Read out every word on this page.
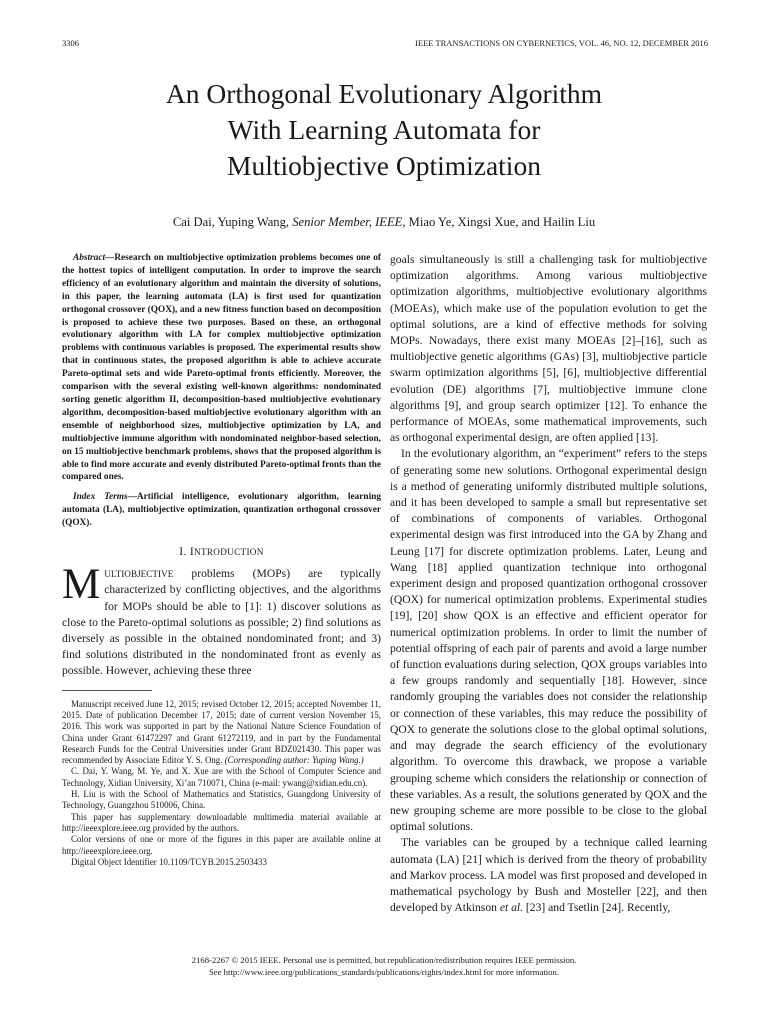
3306	IEEE TRANSACTIONS ON CYBERNETICS, VOL. 46, NO. 12, DECEMBER 2016
An Orthogonal Evolutionary Algorithm
With Learning Automata for
Multiobjective Optimization
Cai Dai, Yuping Wang, Senior Member, IEEE, Miao Ye, Xingsi Xue, and Hailin Liu

Abstract—Research on multiobjective optimization problems becomes one of the hottest topics of intelligent computation. In order to improve the search efficiency of an evolutionary algorithm and maintain the diversity of solutions, in this paper, the learning automata (LA) is first used for quantization orthogonal crossover (QOX), and a new fitness function based on decomposition is proposed to achieve these two purposes. Based on these, an orthogonal evolutionary algorithm with LA for complex multiobjective optimization problems with continuous variables is proposed. The experimental results show that in continuous states, the proposed algorithm is able to achieve accurate Pareto-optimal sets and wide Pareto-optimal fronts efficiently. Moreover, the comparison with the several existing well-known algorithms: nondominated sorting genetic algorithm II, decomposition-based multiobjective evolutionary algorithm, decomposition-based multiobjective evolutionary algorithm with an ensemble of neighborhood sizes, multiobjective optimization by LA, and multiobjective immune algorithm with nondominated neighbor-based selection, on 15 multiobjective benchmark problems, shows that the proposed algorithm is able to find more accurate and evenly distributed Pareto-optimal fronts than the compared ones.

Index Terms—Artificial intelligence, evolutionary algorithm, learning automata (LA), multiobjective optimization, quantization orthogonal crossover (QOX).

I. INTRODUCTION

MULTIOBJECTIVE problems (MOPs) are typically characterized by conflicting objectives, and the algorithms for MOPs should be able to [1]: 1) discover solutions as close to the Pareto-optimal solutions as possible; 2) find solutions as diversely as possible in the obtained nondominated front; and 3) find solutions distributed in the nondominated front as evenly as possible. However, achieving these three

Manuscript received June 12, 2015; revised October 12, 2015; accepted November 11, 2015. Date of publication December 17, 2015; date of current version November 15, 2016. This work was supported in part by the National Nature Science Foundation of China under Grant 61472297 and Grant 61272119, and in part by the Fundamental Research Funds for the Central Universities under Grant BDZ021430. This paper was recommended by Associate Editor Y. S. Ong. (Corresponding author: Yuping Wang.)

C. Dai, Y. Wang, M. Ye, and X. Xue are with the School of Computer Science and Technology, Xidian University, Xi’an 710071, China (e-mail: ywang@xidian.edu.cn).

H. Liu is with the School of Mathematics and Statistics, Guangdong University of Technology, Guangzhou 510006, China.

This paper has supplementary downloadable multimedia material available at http://ieeexplore.ieee.org provided by the authors.

Color versions of one or more of the figures in this paper are available online at http://ieeexplore.ieee.org.

Digital Object Identifier 10.1109/TCYB.2015.2503433

goals simultaneously is still a challenging task for multiobjective optimization algorithms. Among various multiobjective optimization algorithms, multiobjective evolutionary algorithms (MOEAs), which make use of the population evolution to get the optimal solutions, are a kind of effective methods for solving MOPs. Nowadays, there exist many MOEAs [2]–[16], such as multiobjective genetic algorithms (GAs) [3], multiobjective particle swarm optimization algorithms [5], [6], multiobjective differential evolution (DE) algorithms [7], multiobjective immune clone algorithms [9], and group search optimizer [12]. To enhance the performance of MOEAs, some mathematical improvements, such as orthogonal experimental design, are often applied [13].

In the evolutionary algorithm, an “experiment” refers to the steps of generating some new solutions. Orthogonal experimental design is a method of generating uniformly distributed multiple solutions, and it has been developed to sample a small but representative set of combinations of components of variables. Orthogonal experimental design was first introduced into the GA by Zhang and Leung [17] for discrete optimization problems. Later, Leung and Wang [18] applied quantization technique into orthogonal experiment design and proposed quantization orthogonal crossover (QOX) for numerical optimization problems. Experimental studies [19], [20] show QOX is an effective and efficient operator for numerical optimization problems. In order to limit the number of potential offspring of each pair of parents and avoid a large number of function evaluations during selection, QOX groups variables into a few groups randomly and sequentially [18]. However, since randomly grouping the variables does not consider the relationship or connection of these variables, this may reduce the possibility of QOX to generate the solutions close to the global optimal solutions, and may degrade the search efficiency of the evolutionary algorithm. To overcome this drawback, we propose a variable grouping scheme which considers the relationship or connection of these variables. As a result, the solutions generated by QOX and the new grouping scheme are more possible to be close to the global optimal solutions.

The variables can be grouped by a technique called learning automata (LA) [21] which is derived from the theory of probability and Markov process. LA model was first proposed and developed in mathematical psychology by Bush and Mosteller [22], and then developed by Atkinson et al. [23] and Tsetlin [24]. Recently,

2168-2267 © 2015 IEEE. Personal use is permitted, but republication/redistribution requires IEEE permission.
See http://www.ieee.org/publications_standards/publications/rights/index.html for more information.
